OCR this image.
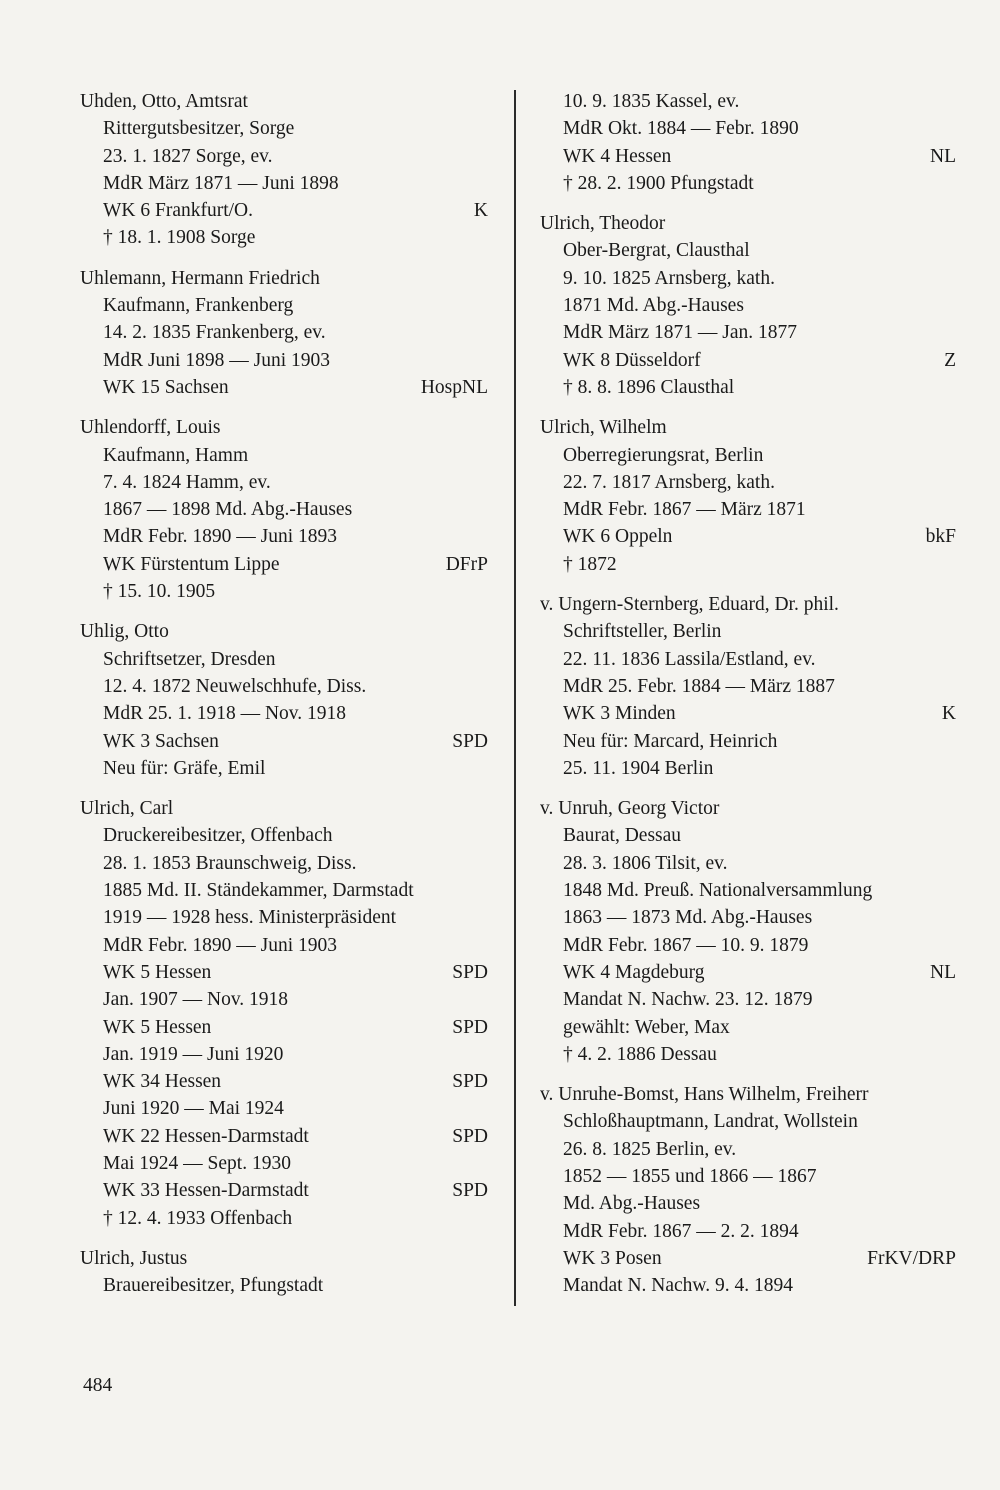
Uhden, Otto, Amtsrat
Rittergutsbesitzer, Sorge
23. 1. 1827 Sorge, ev.
MdR März 1871 — Juni 1898
WK 6 Frankfurt/O.	K
† 18. 1. 1908 Sorge
Uhlemann, Hermann Friedrich
Kaufmann, Frankenberg
14. 2. 1835 Frankenberg, ev.
MdR Juni 1898 — Juni 1903
WK 15 Sachsen	HospNL
Uhlendorff, Louis
Kaufmann, Hamm
7. 4. 1824 Hamm, ev.
1867 — 1898 Md. Abg.-Hauses
MdR Febr. 1890 — Juni 1893
WK Fürstentum Lippe	DFrP
† 15. 10. 1905
Uhlig, Otto
Schriftsetzer, Dresden
12. 4. 1872 Neuwelschhufe, Diss.
MdR 25. 1. 1918 — Nov. 1918
WK 3 Sachsen	SPD
Neu für: Gräfe, Emil
Ulrich, Carl
Druckereibesitzer, Offenbach
28. 1. 1853 Braunschweig, Diss.
1885 Md. II. Ständekammer, Darmstadt
1919 — 1928 hess. Ministerpräsident
MdR Febr. 1890 — Juni 1903
WK 5 Hessen	SPD
Jan. 1907 — Nov. 1918
WK 5 Hessen	SPD
Jan. 1919 — Juni 1920
WK 34 Hessen	SPD
Juni 1920 — Mai 1924
WK 22 Hessen-Darmstadt	SPD
Mai 1924 — Sept. 1930
WK 33 Hessen-Darmstadt	SPD
† 12. 4. 1933 Offenbach
Ulrich, Justus
Brauereibesitzer, Pfungstadt
10. 9. 1835 Kassel, ev.
MdR Okt. 1884 — Febr. 1890
WK 4 Hessen	NL
† 28. 2. 1900 Pfungstadt
Ulrich, Theodor
Ober-Bergrat, Clausthal
9. 10. 1825 Arnsberg, kath.
1871 Md. Abg.-Hauses
MdR März 1871 — Jan. 1877
WK 8 Düsseldorf	Z
† 8. 8. 1896 Clausthal
Ulrich, Wilhelm
Oberregierungsrat, Berlin
22. 7. 1817 Arnsberg, kath.
MdR Febr. 1867 — März 1871
WK 6 Oppeln	bkF
† 1872
v. Ungern-Sternberg, Eduard, Dr. phil.
Schriftsteller, Berlin
22. 11. 1836 Lassila/Estland, ev.
MdR 25. Febr. 1884 — März 1887
WK 3 Minden	K
Neu für: Marcard, Heinrich
25. 11. 1904 Berlin
v. Unruh, Georg Victor
Baurat, Dessau
28. 3. 1806 Tilsit, ev.
1848 Md. Preuß. Nationalversammlung
1863 — 1873 Md. Abg.-Hauses
MdR Febr. 1867 — 10. 9. 1879
WK 4 Magdeburg	NL
Mandat N. Nachw. 23. 12. 1879
gewählt: Weber, Max
† 4. 2. 1886 Dessau
v. Unruhe-Bomst, Hans Wilhelm, Freiherr
Schloßhauptmann, Landrat, Wollstein
26. 8. 1825 Berlin, ev.
1852 — 1855 und 1866 — 1867
Md. Abg.-Hauses
MdR Febr. 1867 — 2. 2. 1894
WK 3 Posen	FrKV/DRP
Mandat N. Nachw. 9. 4. 1894
484
